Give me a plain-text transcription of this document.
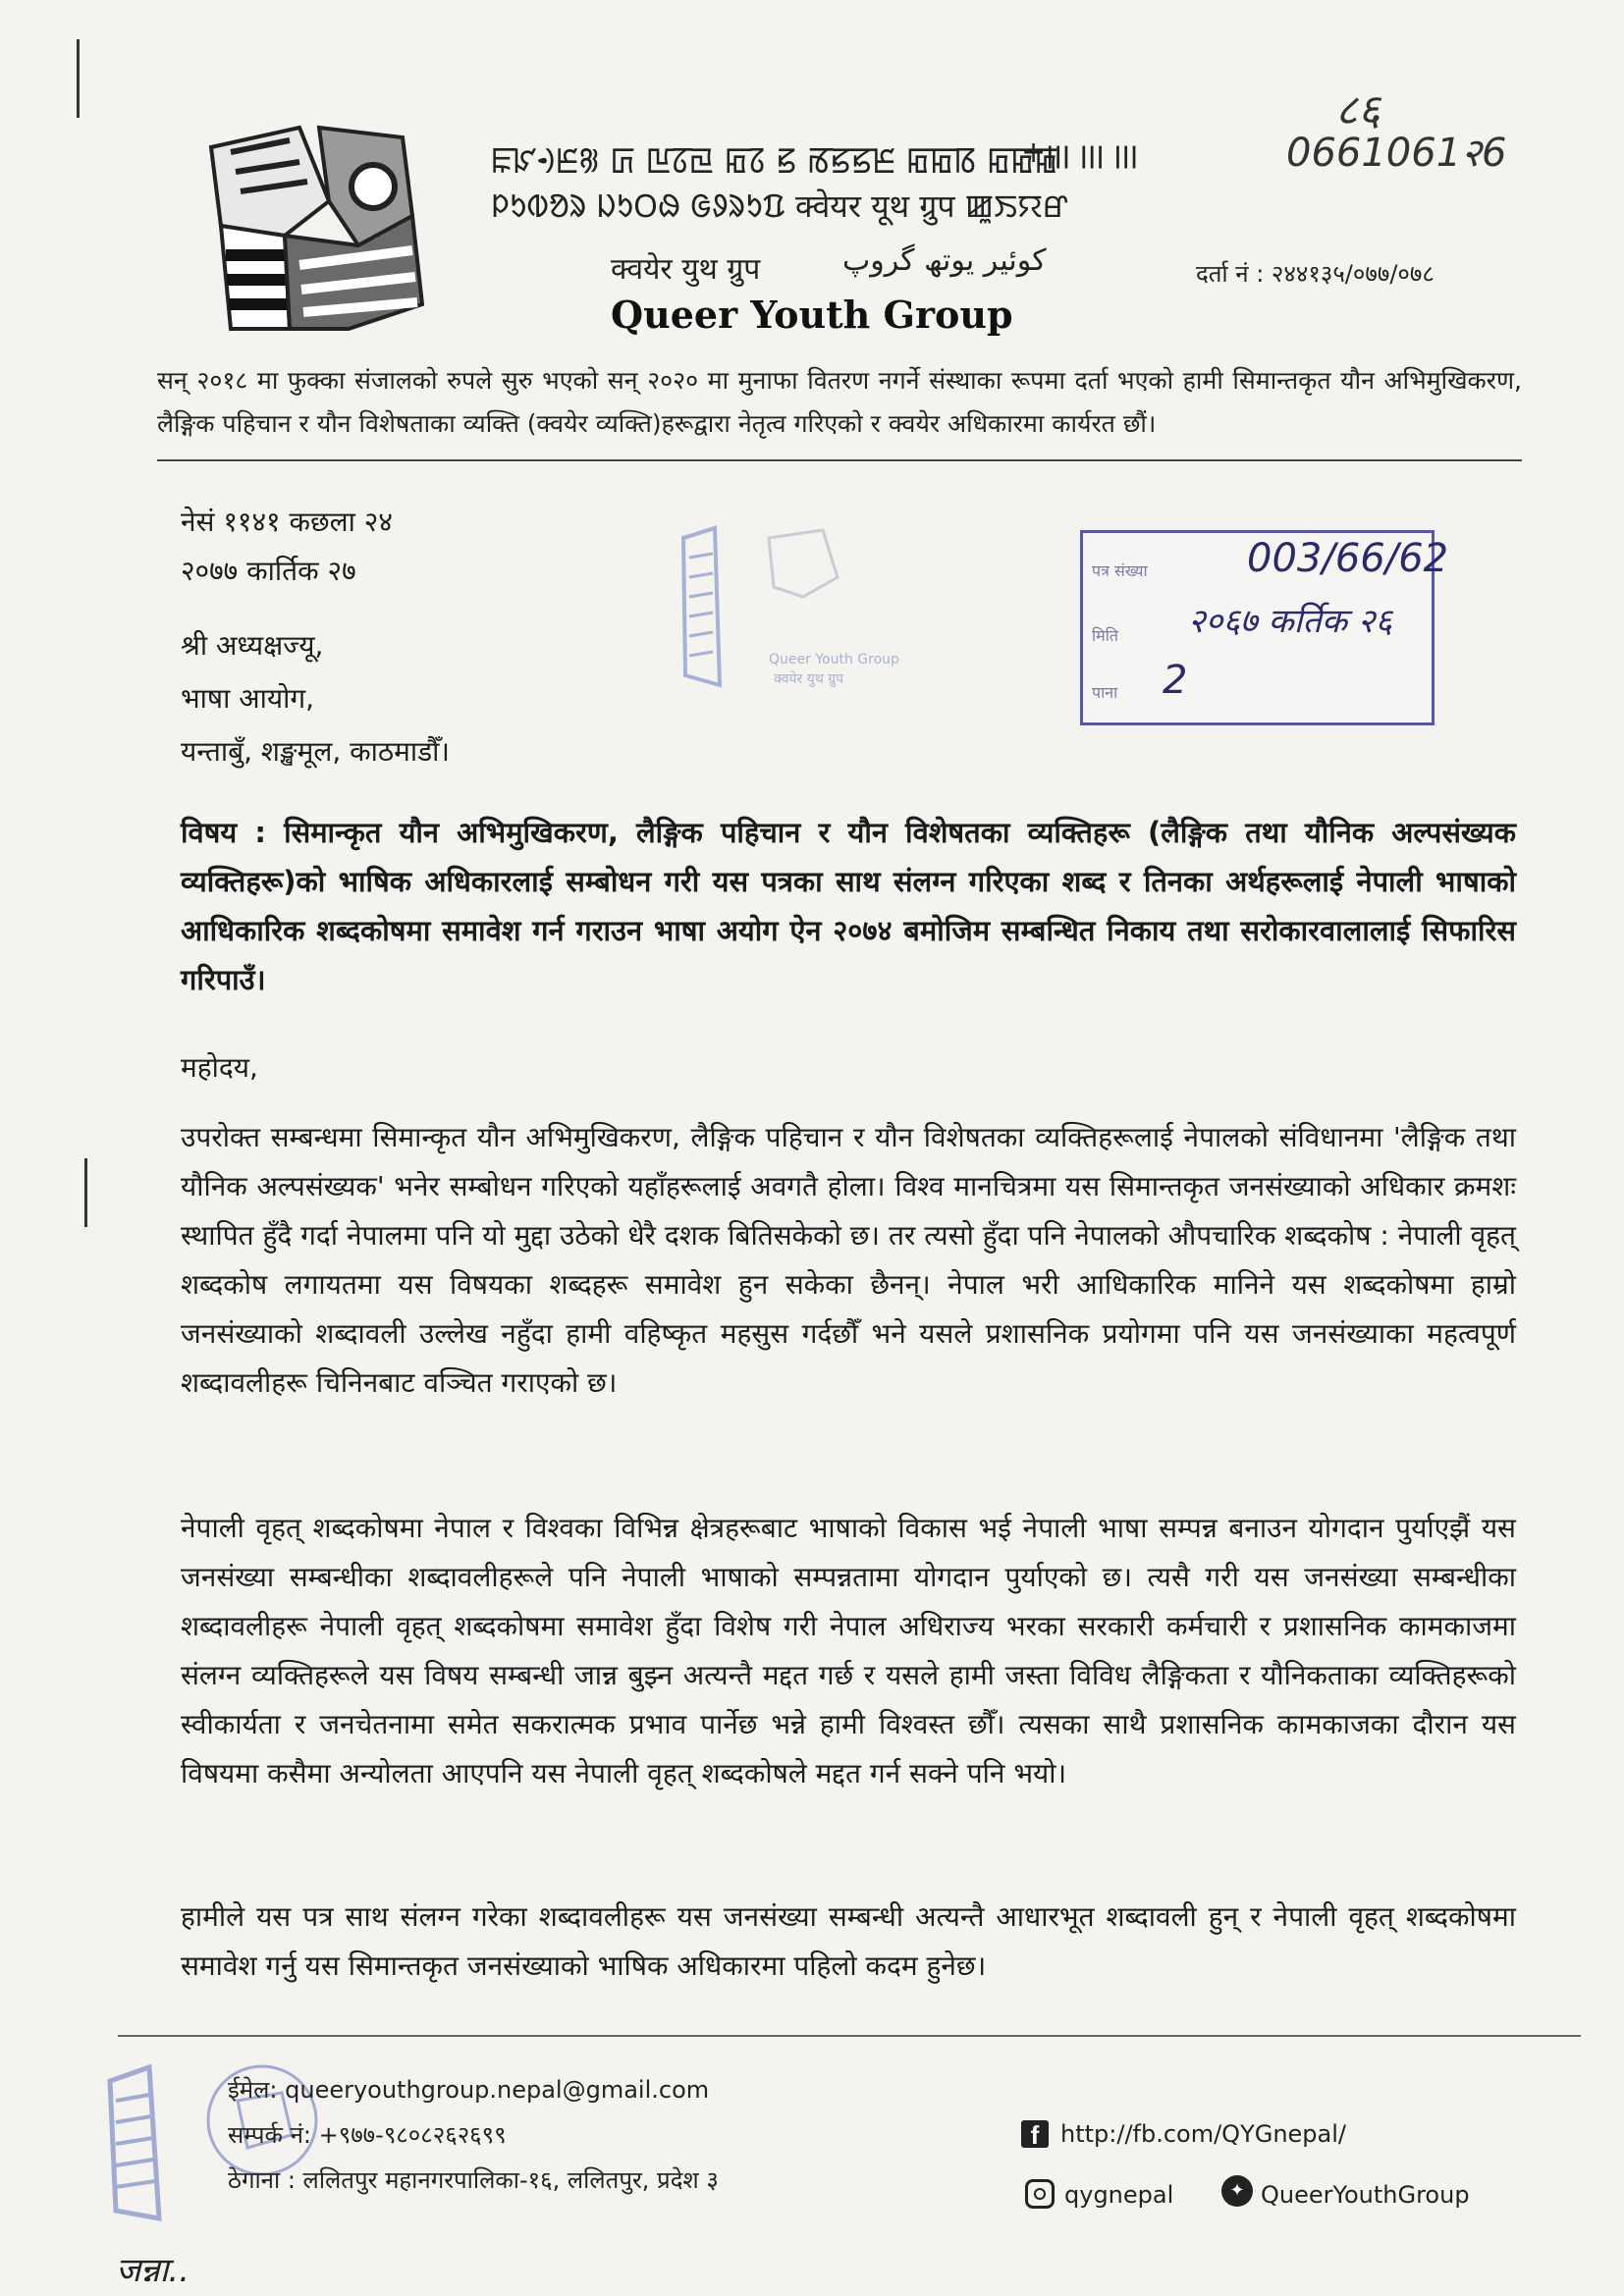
ꡀꡜꡳꡈ꡵ ꡚ ꡖꡞꡙ ꡂꡞ ꡝ ꡏꡝꡝꡈ ꡂꡂꡋ ꡂꡂꡂ
+ꞁꞁꞁ ꞁꞁꞁ ꞁꞁꞁ
ᱞᱩᱵᱚᱨ ᱡᱩᱛᱷ ᱜᱽᱨᱩᱯ क्वेयर यूथ ग्रुप ꯀꯨꯏꯌꯔ
क्वयेर युथ ग्रुप	کوئیر یوتھ گروپ
Queer Youth Group
दर्ता नं : २४४१३५/०७७/०७८
८६
0661061२6
सन् २०१८ मा फुक्का संजालको रुपले सुरु भएको सन् २०२० मा मुनाफा वितरण नगर्ने संस्थाका रूपमा दर्ता भएको हामी सिमान्तकृत यौन अभिमुखिकरण, लैङ्गिक पहिचान र यौन विशेषताका व्यक्ति (क्वयेर व्यक्ति)हरूद्वारा नेतृत्व गरिएको र क्वयेर अधिकारमा कार्यरत छौं।
नेसं ११४१ कछला २४
२०७७ कार्तिक २७
Queer Youth Group
क्वयेर युथ ग्रुप
पत्र संख्या	003/66/62
मिति २०६७ कर्तिक २६
पाना 2
श्री अध्यक्षज्यू,
भाषा आयोग,
यन्ताबुँ, शङ्खमूल, काठमाडौँ।
विषय : सिमान्कृत यौन अभिमुखिकरण, लैङ्गिक पहिचान र यौन विशेषतका व्यक्तिहरू (लैङ्गिक तथा यौनिक अल्पसंख्यक व्यक्तिहरू)को भाषिक अधिकारलाई सम्बोधन गरी यस पत्रका साथ संलग्न गरिएका शब्द र तिनका अर्थहरूलाई नेपाली भाषाको आधिकारिक शब्दकोषमा समावेश गर्न गराउन भाषा अयोग ऐन २०७४ बमोजिम सम्बन्धित निकाय तथा सरोकारवालालाई सिफारिस गरिपाउँ।
महोदय,
उपरोक्त सम्बन्धमा सिमान्कृत यौन अभिमुखिकरण, लैङ्गिक पहिचान र यौन विशेषतका व्यक्तिहरूलाई नेपालको संविधानमा 'लैङ्गिक तथा यौनिक अल्पसंख्यक' भनेर सम्बोधन गरिएको यहाँहरूलाई अवगतै होला। विश्व मानचित्रमा यस सिमान्तकृत जनसंख्याको अधिकार क्रमशः स्थापित हुँदै गर्दा नेपालमा पनि यो मुद्दा उठेको धेरै दशक बितिसकेको छ। तर त्यसो हुँदा पनि नेपालको औपचारिक शब्दकोष : नेपाली वृहत् शब्दकोष लगायतमा यस विषयका शब्दहरू समावेश हुन सकेका छैनन्। नेपाल भरी आधिकारिक मानिने यस शब्दकोषमा हाम्रो जनसंख्याको शब्दावली उल्लेख नहुँदा हामी वहिष्कृत महसुस गर्दछौँ भने यसले प्रशासनिक प्रयोगमा पनि यस जनसंख्याका महत्वपूर्ण शब्दावलीहरू चिनिनबाट वञ्चित गराएको छ।
नेपाली वृहत् शब्दकोषमा नेपाल र विश्वका विभिन्न क्षेत्रहरूबाट भाषाको विकास भई नेपाली भाषा सम्पन्न बनाउन योगदान पुर्याएझैं यस जनसंख्या सम्बन्धीका शब्दावलीहरूले पनि नेपाली भाषाको सम्पन्नतामा योगदान पुर्याएको छ। त्यसै गरी यस जनसंख्या सम्बन्धीका शब्दावलीहरू नेपाली वृहत् शब्दकोषमा समावेश हुँदा विशेष गरी नेपाल अधिराज्य भरका सरकारी कर्मचारी र प्रशासनिक कामकाजमा संलग्न व्यक्तिहरूले यस विषय सम्बन्धी जान्न बुझ्न अत्यन्तै मद्दत गर्छ र यसले हामी जस्ता विविध लैङ्गिकता र यौनिकताका व्यक्तिहरूको स्वीकार्यता र जनचेतनामा समेत सकरात्मक प्रभाव पार्नेछ भन्ने हामी विश्वस्त छौँ। त्यसका साथै प्रशासनिक कामकाजका दौरान यस विषयमा कसैमा अन्योलता आएपनि यस नेपाली वृहत् शब्दकोषले मद्दत गर्न सक्ने पनि भयो।
हामीले यस पत्र साथ संलग्न गरेका शब्दावलीहरू यस जनसंख्या सम्बन्धी अत्यन्तै आधारभूत शब्दावली हुन् र नेपाली वृहत् शब्दकोषमा समावेश गर्नु यस सिमान्तकृत जनसंख्याको भाषिक अधिकारमा पहिलो कदम हुनेछ।
ईमेल: queeryouthgroup.nepal@gmail.com
सम्पर्क नं: +९७७-९८०८२६२६९९
ठेगाना : ललितपुर महानगरपालिका-१६, ललितपुर, प्रदेश ३
f http://fb.com/QYGnepal/
qygnepal	✦ QueerYouthGroup
जन्ना..
